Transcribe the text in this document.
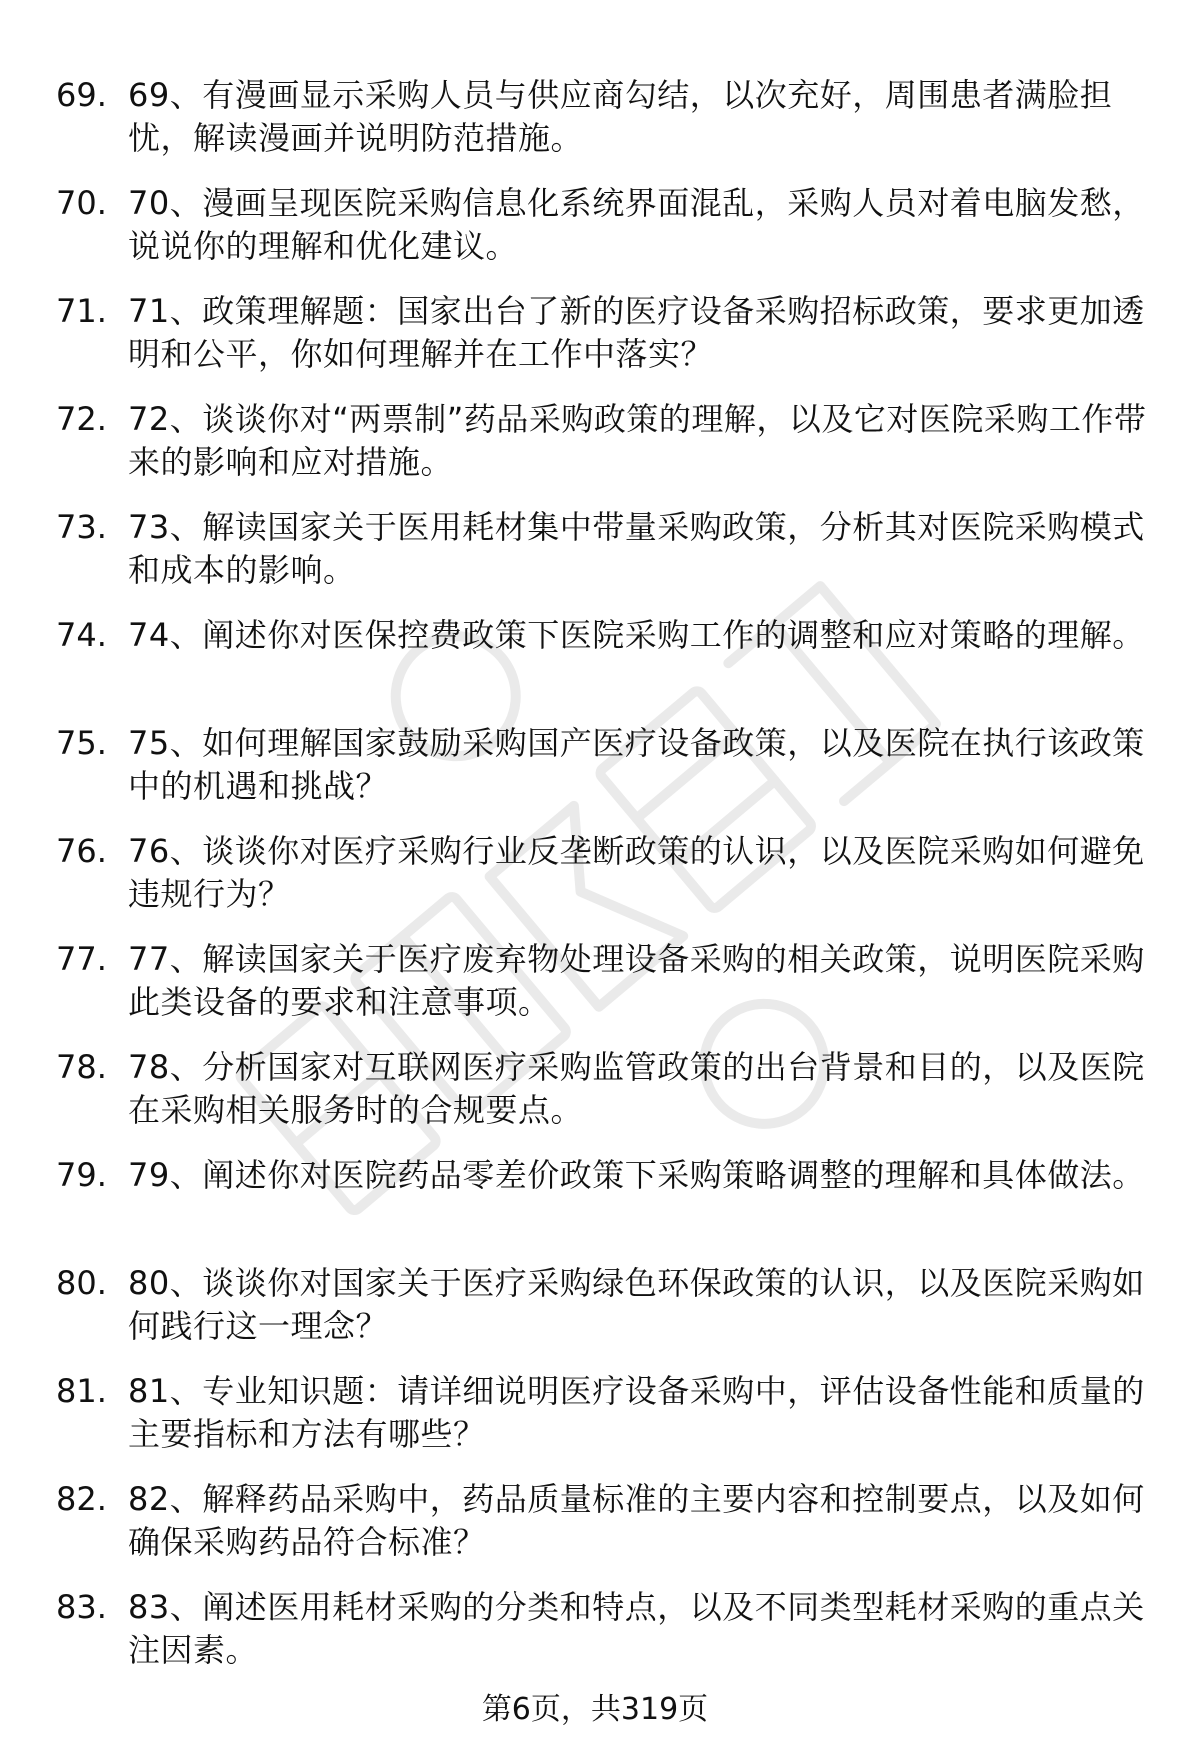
69. 69、有漫画显示采购人员与供应商勾结，以次充好，周围患者满脸担忧，解读漫画并说明防范措施。
70. 70、漫画呈现医院采购信息化系统界面混乱，采购人员对着电脑发愁，说说你的理解和优化建议。
71. 71、政策理解题：国家出台了新的医疗设备采购招标政策，要求更加透明和公平，你如何理解并在工作中落实？
72. 72、谈谈你对“两票制”药品采购政策的理解，以及它对医院采购工作带来的影响和应对措施。
73. 73、解读国家关于医用耗材集中带量采购政策，分析其对医院采购模式和成本的影响。
74. 74、阐述你对医保控费政策下医院采购工作的调整和应对策略的理解。
75. 75、如何理解国家鼓励采购国产医疗设备政策，以及医院在执行该政策中的机遇和挑战？
76. 76、谈谈你对医疗采购行业反垄断政策的认识，以及医院采购如何避免违规行为？
77. 77、解读国家关于医疗废弃物处理设备采购的相关政策，说明医院采购此类设备的要求和注意事项。
78. 78、分析国家对互联网医疗采购监管政策的出台背景和目的，以及医院在采购相关服务时的合规要点。
79. 79、阐述你对医院药品零差价政策下采购策略调整的理解和具体做法。
80. 80、谈谈你对国家关于医疗采购绿色环保政策的认识，以及医院采购如何践行这一理念？
81. 81、专业知识题：请详细说明医疗设备采购中，评估设备性能和质量的主要指标和方法有哪些？
82. 82、解释药品采购中，药品质量标准的主要内容和控制要点，以及如何确保采购药品符合标准？
83. 83、阐述医用耗材采购的分类和特点，以及不同类型耗材采购的重点关注因素。
第6页，共319页
